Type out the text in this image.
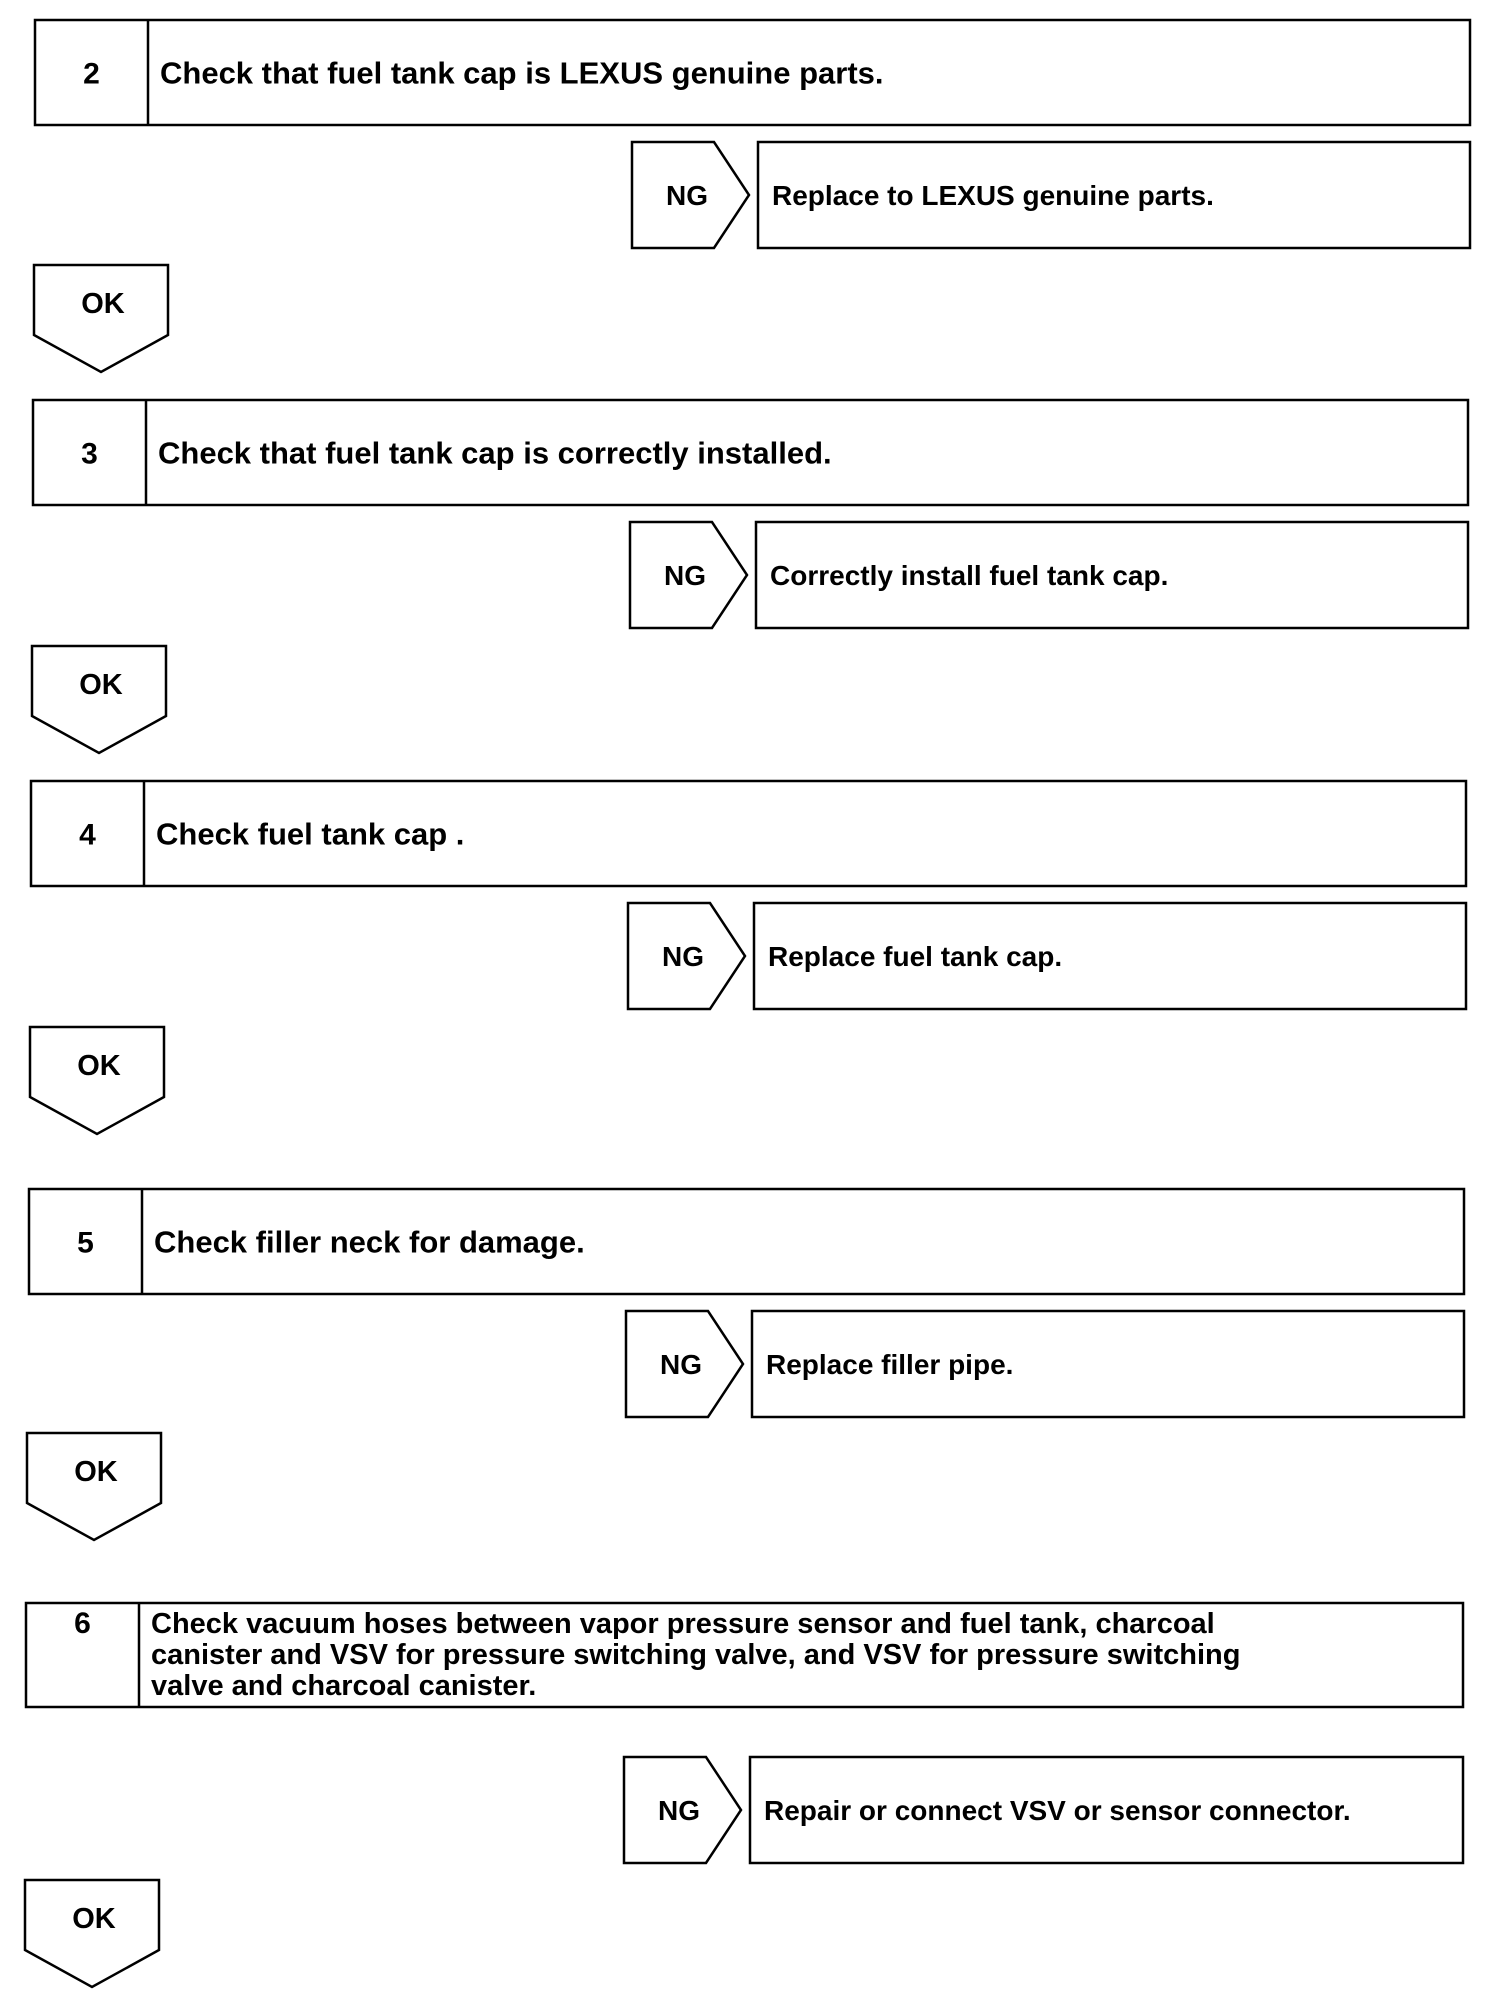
2 Check that fuel tank cap is LEXUS genuine parts.
NG Replace to LEXUS genuine parts.
OK
3 Check that fuel tank cap is correctly installed.
NG Correctly install fuel tank cap.
OK
4 Check fuel tank cap .
NG Replace fuel tank cap.
OK
5 Check filler neck for damage.
NG Replace filler pipe.
OK
6 Check vacuum hoses between vapor pressure sensor and fuel tank, charcoal
canister and VSV for pressure switching valve, and VSV for pressure switching
valve and charcoal canister.
NG Repair or connect VSV or sensor connector.
OK
